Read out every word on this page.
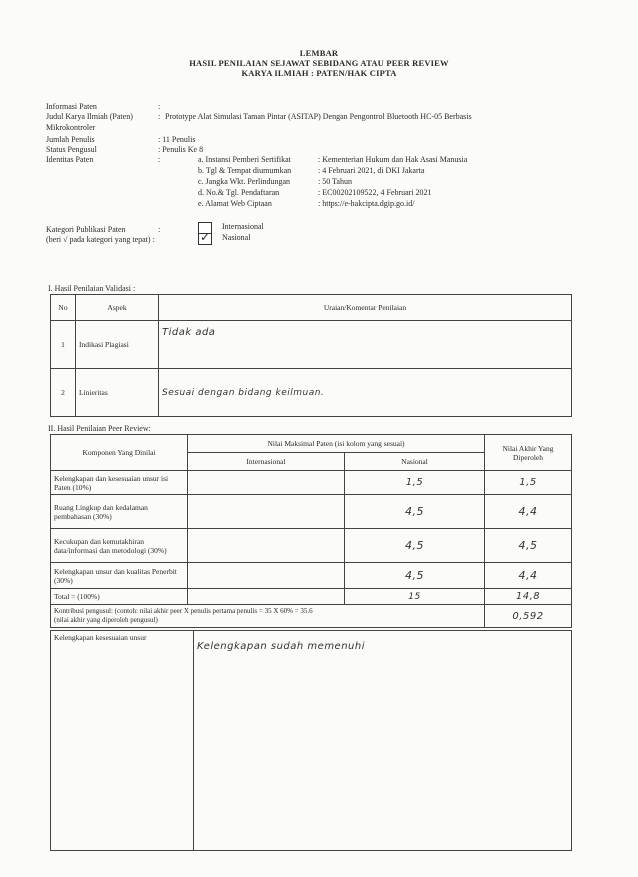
LEMBAR
HASIL PENILAIAN SEJAWAT SEBIDANG ATAU PEER REVIEW
KARYA ILMIAH : PATEN/HAK CIPTA
Informasi Paten	:
Judul Karya Ilmiah (Paten)	: Prototype Alat Simulasi Taman Pintar (ASITAP) Dengan Pengontrol Bluetooth HC-05 Berbasis
Mikrokontroler
Jumlah Penulis	: 11 Penulis
Status Pengusul	: Penulis Ke 8
Identitas Paten	:	a. Instansi Pemberi Sertifikat	: Kementerian Hukum dan Hak Asasi Manusia
b. Tgl & Tempat diumumkan	: 4 Februari 2021, di DKI Jakarta
c. Jangka Wkt. Perlindungan	: 50 Tahun
d. No.& Tgl. Pendaftaran	: EC00202109522, 4 Februari 2021
e. Alamat Web Ciptaan	: https://e-hakcipta.dgip.go.id/
Kategori Publikasi Paten	:
(beri √ pada kategori yang tepat) :
Internasional
✓ Nasional
I. Hasil Penilaian Validasi :
No	Aspek	Uraian/Komentar Penilaian
1	Indikasi Plagiasi	Tidak ada
2	Linieritas	Sesuai dengan bidang keilmuan.
II. Hasil Penilaian Peer Review:
Komponen Yang Dinilai	Nilai Maksimal Paten (isi kolom yang sesuai)		Nilai Akhir Yang Diperoleh
	Internasional	Nasional	
Kelengkapan dan kesesuaian unsur isi Paten (10%)		1,5	1,5
Ruang Lingkup dan kedalaman pembahasan (30%)		4,5	4,4
Kecukupan dan kemutakhiran data/informasi dan metodologi (30%)		4,5	4,5
Kelengkapan unsur dan kualitas Penerbit (30%)		4,5	4,4
Total = (100%)		15	14,8

Kontribusi pengusul: (contoh: nilai akhir peer X penulis pertama penulis = 35 X 60% = 35.6
(nilai akhir yang diperoleh pengusul)			0,592
Kelengkapan kesesuaian unsur	Kelengkapan sudah memenuhi
